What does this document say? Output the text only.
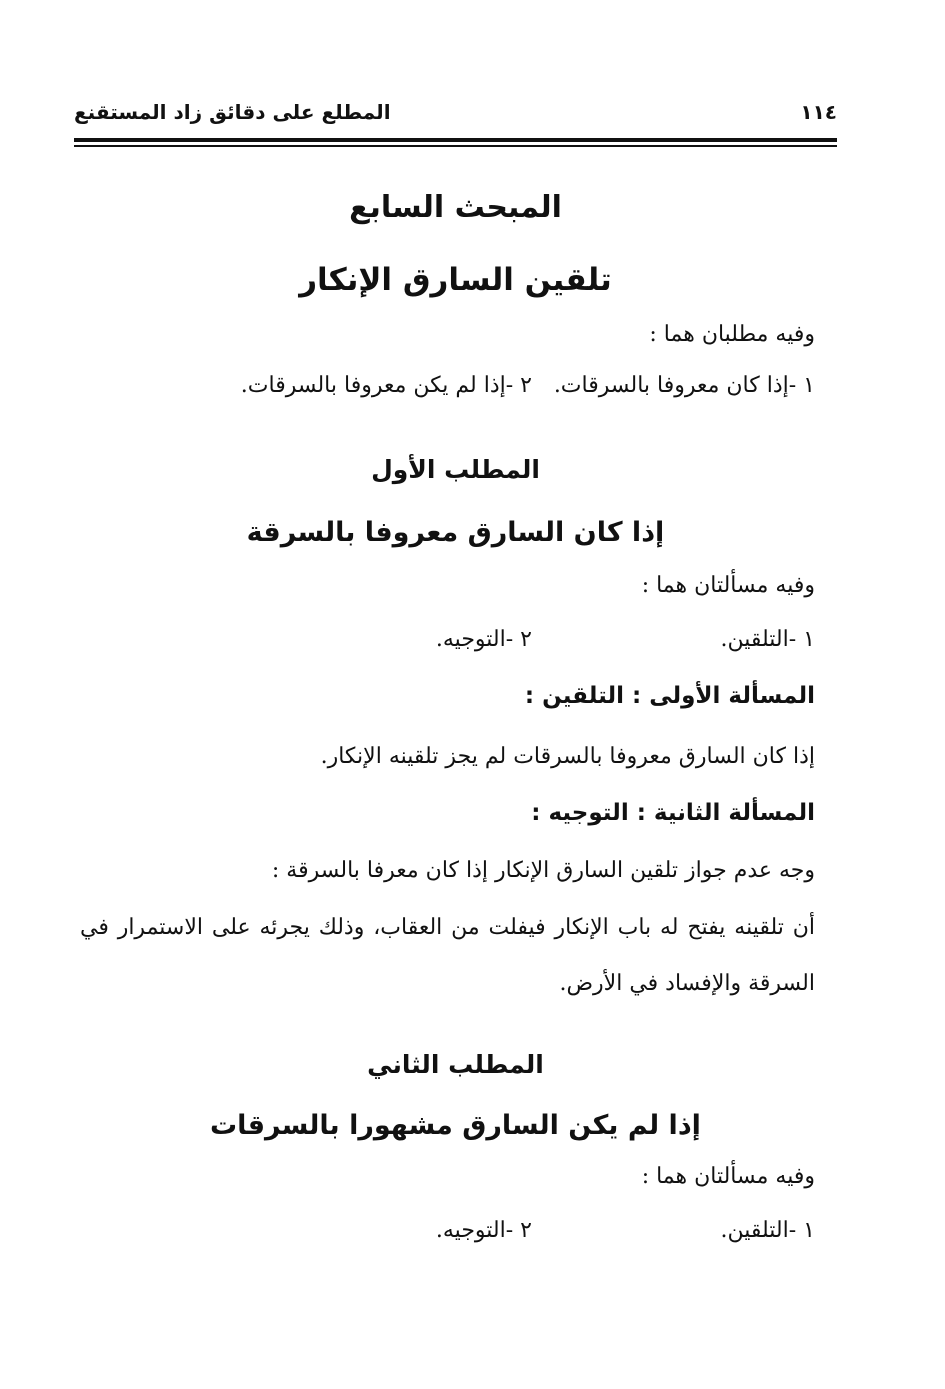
١١٤
المطلع على دقائق زاد المستقنع
المبحث السابع
تلقين السارق الإنكار
وفيه مطلبان هما :
١ -إذا كان معروفا بالسرقات.
٢ -إذا لم يكن معروفا بالسرقات.
المطلب الأول
إذا كان السارق معروفا بالسرقة
وفيه مسألتان هما :
١ -التلقين.
٢ -التوجيه.
المسألة الأولى : التلقين :
إذا كان السارق معروفا بالسرقات لم يجز تلقينه الإنكار.
المسألة الثانية : التوجيه :
وجه عدم جواز تلقين السارق الإنكار إذا كان معرفا بالسرقة :
أن تلقينه يفتح له باب الإنكار فيفلت من العقاب، وذلك يجرئه على الاستمرار في السرقة والإفساد في الأرض.
المطلب الثاني
إذا لم يكن السارق مشهورا بالسرقات
وفيه مسألتان هما :
١ -التلقين.
٢ -التوجيه.
